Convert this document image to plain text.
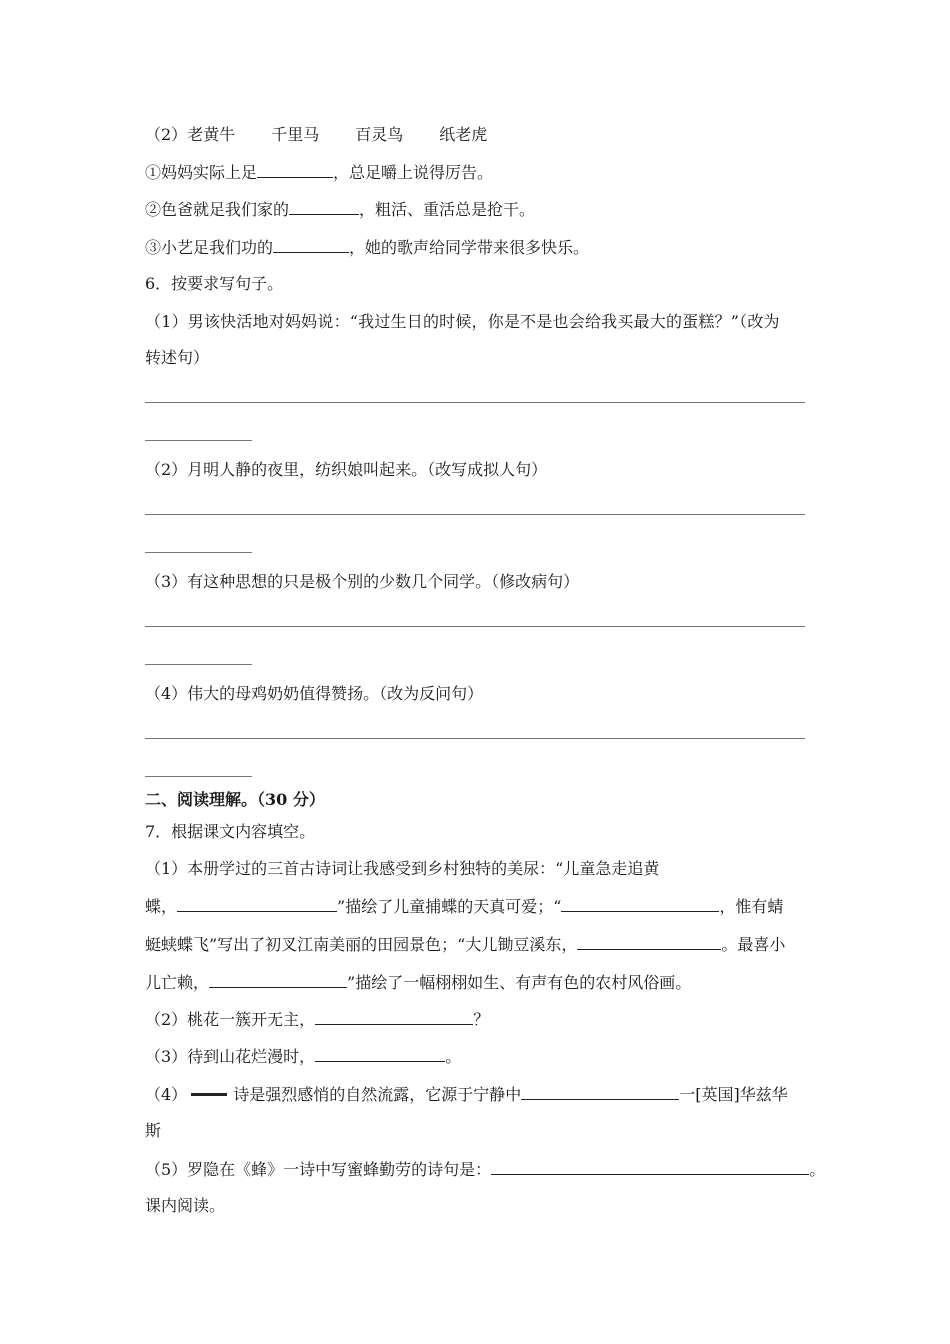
（2）老黄牛 千里马 百灵鸟 纸老虎
①妈妈实际上足	，总足嚼上说得厉告。
②色爸就足我们家的	，粗活、重活总是抢干。
③小艺足我们功的	，她的歌声给同学带来很多快乐。
6．按要求写句子。
（1）男该快活地对妈妈说：“我过生日的时候，你是不是也会给我买最大的蛋糕？”（改为
转述句）
（2）月明人静的夜里，纺织娘叫起来。（改写成拟人句）
（3）有这种思想的只是极个别的少数几个同学。（修改病句）
（4）伟大的母鸡奶奶值得赞扬。（改为反问句）
二、阅读理解。（30 分）
7．根据课文内容填空。
（1）本册学过的三首古诗词让我感受到乡村独特的美尿：“儿童急走追黄
蝶，	”描绘了儿童捕蝶的天真可爱；“	，惟有蜻
蜓蛱蝶飞”写出了初叉江南美丽的田园景色；“大儿锄豆溪东，	。最喜小
儿亡赖，	”描绘了一幅栩栩如生、有声有色的农村风俗画。
（2）桃花一簇开无主，	？
（3）待到山花烂漫时，	。
（4）	诗是强烈感悄的自然流露，它源于宁静中	一[英国]华兹华
斯
（5）罗隐在《蜂》一诗中写蜜蜂勤劳的诗句是：	。
课内阅读。
